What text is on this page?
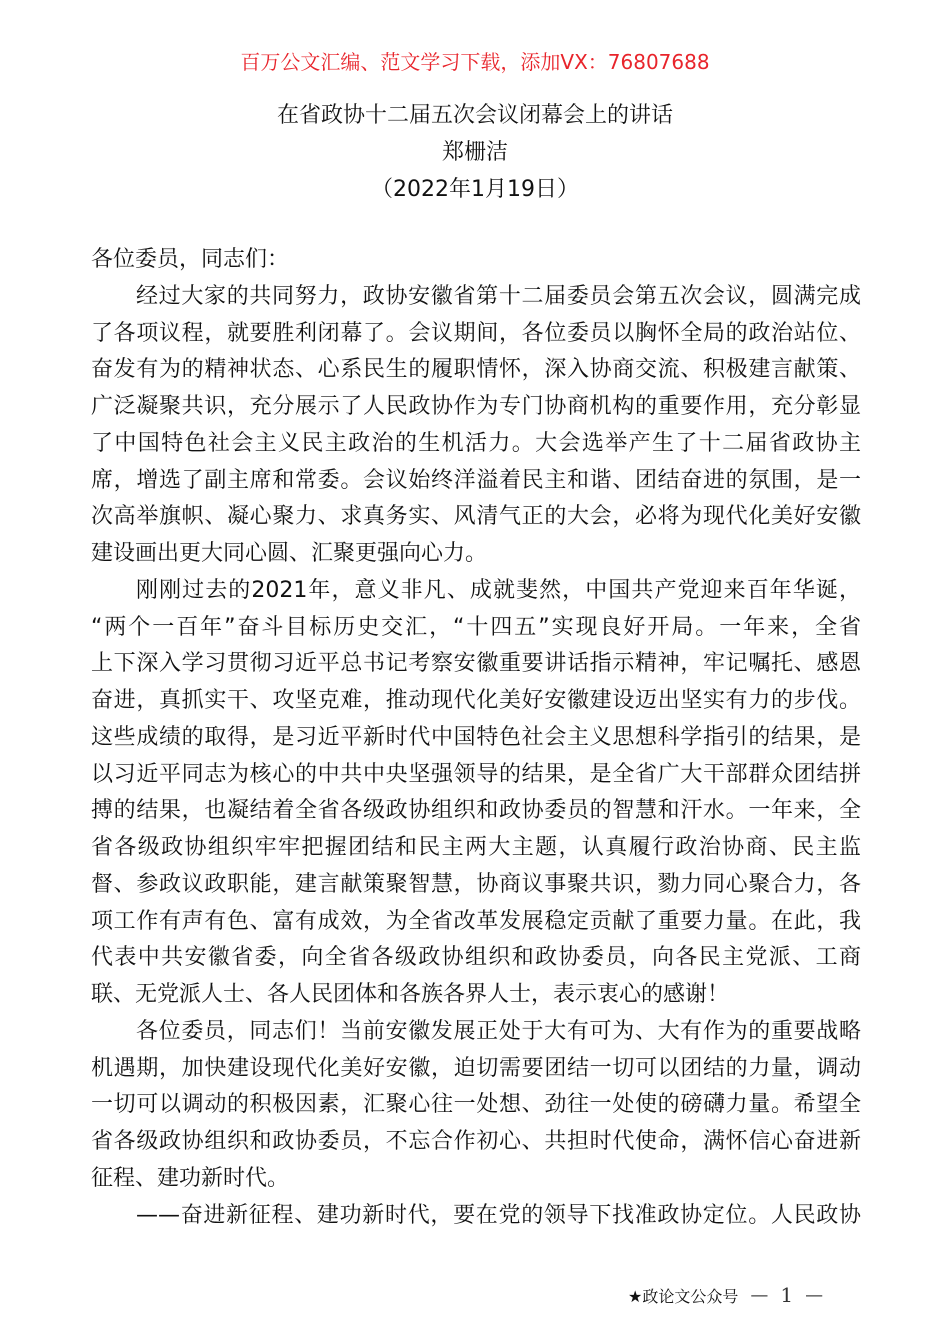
百万公文汇编、范文学习下载，添加VX：76807688
在省政协十二届五次会议闭幕会上的讲话
郑栅洁
（2022年1月19日）
各位委员，同志们：
经过大家的共同努力，政协安徽省第十二届委员会第五次会议，圆满完成
了各项议程，就要胜利闭幕了。会议期间，各位委员以胸怀全局的政治站位、
奋发有为的精神状态、心系民生的履职情怀，深入协商交流、积极建言献策、
广泛凝聚共识，充分展示了人民政协作为专门协商机构的重要作用，充分彰显
了中国特色社会主义民主政治的生机活力。大会选举产生了十二届省政协主
席，增选了副主席和常委。会议始终洋溢着民主和谐、团结奋进的氛围，是一
次高举旗帜、凝心聚力、求真务实、风清气正的大会，必将为现代化美好安徽
建设画出更大同心圆、汇聚更强向心力。
刚刚过去的2021年，意义非凡、成就斐然，中国共产党迎来百年华诞，
“两个一百年”奋斗目标历史交汇，“十四五”实现良好开局。一年来，全省
上下深入学习贯彻习近平总书记考察安徽重要讲话指示精神，牢记嘱托、感恩
奋进，真抓实干、攻坚克难，推动现代化美好安徽建设迈出坚实有力的步伐。
这些成绩的取得，是习近平新时代中国特色社会主义思想科学指引的结果，是
以习近平同志为核心的中共中央坚强领导的结果，是全省广大干部群众团结拼
搏的结果，也凝结着全省各级政协组织和政协委员的智慧和汗水。一年来，全
省各级政协组织牢牢把握团结和民主两大主题，认真履行政治协商、民主监
督、参政议政职能，建言献策聚智慧，协商议事聚共识，勠力同心聚合力，各
项工作有声有色、富有成效，为全省改革发展稳定贡献了重要力量。在此，我
代表中共安徽省委，向全省各级政协组织和政协委员，向各民主党派、工商
联、无党派人士、各人民团体和各族各界人士，表示衷心的感谢！
各位委员，同志们！当前安徽发展正处于大有可为、大有作为的重要战略
机遇期，加快建设现代化美好安徽，迫切需要团结一切可以团结的力量，调动
一切可以调动的积极因素，汇聚心往一处想、劲往一处使的磅礴力量。希望全
省各级政协组织和政协委员，不忘合作初心、共担时代使命，满怀信心奋进新
征程、建功新时代。
——奋进新征程、建功新时代，要在党的领导下找准政协定位。人民政协
★政论文公众号 — 1 —
